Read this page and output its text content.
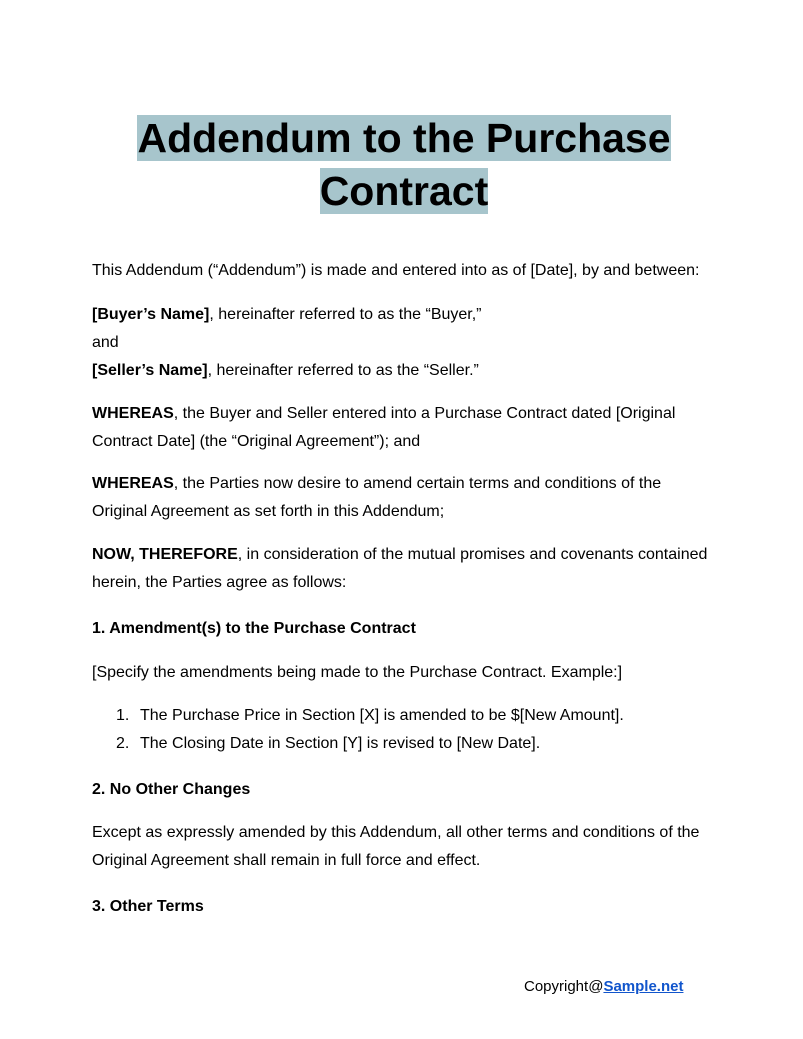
Addendum to the Purchase
Contract

This Addendum (“Addendum”) is made and entered into as of [Date], by and between:

[Buyer’s Name], hereinafter referred to as the “Buyer,”

and

[Seller’s Name], hereinafter referred to as the “Seller.”

WHEREAS, the Buyer and Seller entered into a Purchase Contract dated [Original Contract Date] (the “Original Agreement”); and

WHEREAS, the Parties now desire to amend certain terms and conditions of the Original Agreement as set forth in this Addendum;

NOW, THEREFORE, in consideration of the mutual promises and covenants contained herein, the Parties agree as follows:

1. Amendment(s) to the Purchase Contract

[Specify the amendments being made to the Purchase Contract. Example:]

1. The Purchase Price in Section [X] is amended to be $[New Amount].
2. The Closing Date in Section [Y] is revised to [New Date].
2. No Other Changes

Except as expressly amended by this Addendum, all other terms and conditions of the Original Agreement shall remain in full force and effect.

3. Other Terms
Copyright@Sample.net
